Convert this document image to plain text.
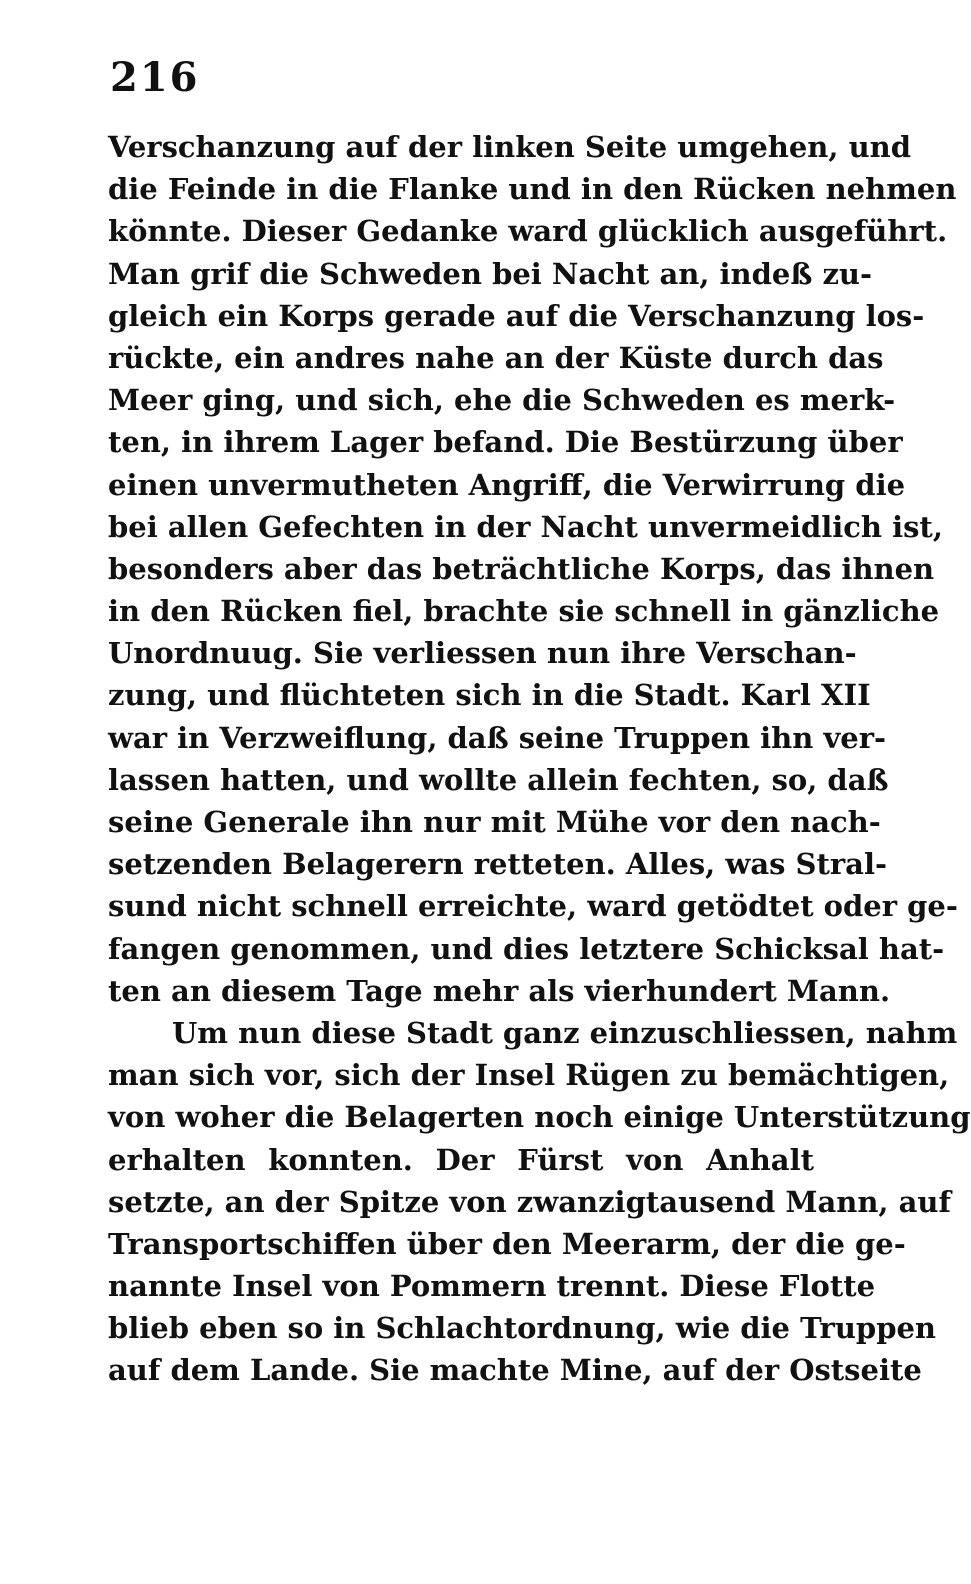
216
Verschanzung auf der linken Seite umgehen, und
die Feinde in die Flanke und in den Rücken nehmen
könnte. Dieser Gedanke ward glücklich ausgeführt.
Man grif die Schweden bei Nacht an, indeß zu-
gleich ein Korps gerade auf die Verschanzung los-
rückte, ein andres nahe an der Küste durch das
Meer ging, und sich, ehe die Schweden es merk-
ten, in ihrem Lager befand. Die Bestürzung über
einen unvermutheten Angriff, die Verwirrung die
bei allen Gefechten in der Nacht unvermeidlich ist,
besonders aber das beträchtliche Korps, das ihnen
in den Rücken fiel, brachte sie schnell in gänzliche
Unordnuug. Sie verliessen nun ihre Verschan-
zung, und flüchteten sich in die Stadt. Karl XII
war in Verzweiflung, daß seine Truppen ihn ver-
lassen hatten, und wollte allein fechten, so, daß
seine Generale ihn nur mit Mühe vor den nach-
setzenden Belagerern retteten. Alles, was Stral-
sund nicht schnell erreichte, ward getödtet oder ge-
fangen genommen, und dies letztere Schicksal hat-
ten an diesem Tage mehr als vierhundert Mann.
Um nun diese Stadt ganz einzuschliessen, nahm
man sich vor, sich der Insel Rügen zu bemächtigen,
von woher die Belagerten noch einige Unterstützung
erhalten konnten. Der Fürst von Anhalt
setzte, an der Spitze von zwanzigtausend Mann, auf
Transportschiffen über den Meerarm, der die ge-
nannte Insel von Pommern trennt. Diese Flotte
blieb eben so in Schlachtordnung, wie die Truppen
auf dem Lande. Sie machte Mine, auf der Ostseite
